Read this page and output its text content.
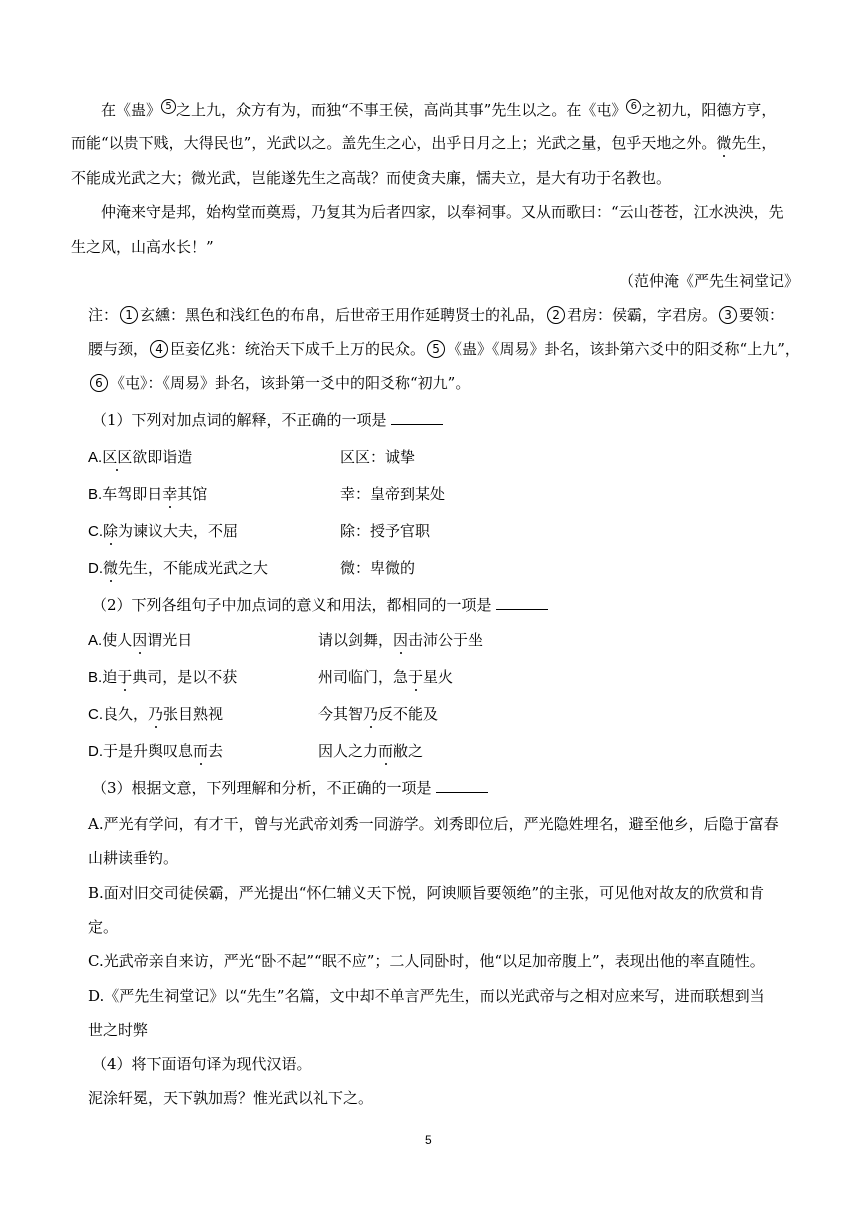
在《蛊》 5 之上九，众方有为，而独“不事王侯，高尚其事”先生以之。在《屯》 6 之初九，阳德方亨，
而能“以贵下贱，大得民也”，光武以之。盖先生之心，出乎日月之上；光武之量，包乎天地之外。微先生，
不能成光武之大；微光武，岂能遂先生之高哉？而使贪夫廉，懦夫立，是大有功于名教也。
仲淹来守是邦，始构堂而奠焉，乃复其为后者四家，以奉祠事。又从而歌曰：“云山苍苍，江水泱泱，先
生之风，山高水长！”
（范仲淹《严先生祠堂记》
注： 1 玄纁：黑色和浅红色的布帛，后世帝王用作延聘贤士的礼品， 2 君房：侯霸，字君房。 3 要领：
腰与颈， 4 臣妾亿兆：统治天下成千上万的民众。 5 《蛊》《周易》卦名，该卦第六爻中的阳爻称“上九”，
6 《屯》：《周易》卦名，该卦第一爻中的阳爻称“初九”。
（1）下列对加点词的解释，不正确的一项是
A.区区欲即诣造	区区：诚挚
B.车驾即日幸其馆	幸：皇帝到某处
C.除为谏议大夫，不屈	除：授予官职
D.微先生，不能成光武之大	微：卑微的
（2）下列各组句子中加点词的意义和用法，都相同的一项是
A.使人因谓光日	请以剑舞，因击沛公于坐
B.迫于典司，是以不获	州司临门，急于星火
C.良久，乃张目熟视	今其智乃反不能及
D.于是升舆叹息而去	因人之力而敝之
（3）根据文意，下列理解和分析，不正确的一项是
A.严光有学问，有才干，曾与光武帝刘秀一同游学。刘秀即位后，严光隐姓埋名，避至他乡，后隐于富春
山耕读垂钓。
B.面对旧交司徒侯霸，严光提出“怀仁辅义天下悦，阿谀顺旨要领绝”的主张，可见他对故友的欣赏和肯
定。
C.光武帝亲自来访，严光“卧不起”“眠不应”；二人同卧时，他“以足加帝腹上”，表现出他的率直随性。
D.《严先生祠堂记》以“先生”名篇，文中却不单言严先生，而以光武帝与之相对应来写，进而联想到当
世之时弊
（4）将下面语句译为现代汉语。
泥涂轩冕，天下孰加焉？惟光武以礼下之。
5
